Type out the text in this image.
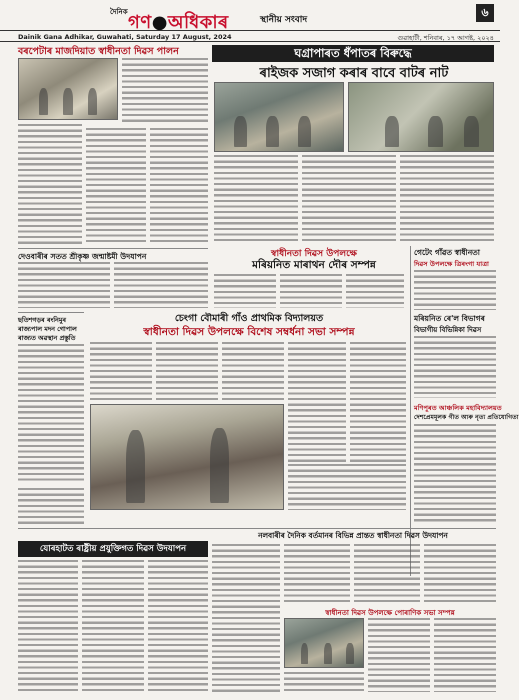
দৈনিক গণ●অধিকাৰ	স্থানীয় সংবাদ
৬
Dainik Gana Adhikar, Guwahati, Saturday 17 August, 2024	গুৱাহাটী, শনিবাৰ, ১৭ আগষ্ট, ২০২৪
বৰপেটাৰ মাজদিয়াত স্বাধীনতা দিৱস পালন	ঘগ্ৰাপাৰত ধঁপাতৰ বিৰুদ্ধে
ৰাইজক সজাগ কৰাৰ বাবে বাটৰ নাট
স্বাধীনতা দিৱস উপলক্ষে
মৰিয়নিত মাৰাথন দৌৰ সম্পন্ন
গেটেং গাঁৱত স্বাধীনতা
দিৱস উপলক্ষে ত্ৰিৰংগা যাত্ৰা
মৰিয়নিত ৰে'ল বিভাগৰ
বিভাগীয় বিভিন্নিকা দিৱস
দেওবাৰীৰ সতত শ্ৰীকৃষ্ণ জন্মাষ্টমী উদযাপন
ছতিশগড়ৰ ৰংনিমুৰ
ৰাজ্যপাল মদন গোপাল
ৰাজ্যত অৱস্থান প্ৰস্তুতি
চেংগা বৌমাৰী গাঁও প্ৰাথমিক বিদ্যালয়ত
স্বাধীনতা দিৱস উপলক্ষে বিশেষ সম্বৰ্ধনা সভা সম্পন্ন
মণিপুৰত আঞ্চলিক মহাবিদ্যালয়ত
দেশপ্ৰেমমূলক গীত আৰু নৃত্য প্ৰতিযোগিতা
নলবাৰীৰ দৈনিক বৰ্তমানৰ বিভিন্ন প্ৰান্তত স্বাধীনতা দিৱস উদযাপন
যোৰহাটত ৰাষ্ট্ৰীয় প্ৰযুক্তিগত দিৱস উদযাপন
স্বাধীনতা দিৱস উপলক্ষে পোৰাণিক সভা সম্পন্ন
